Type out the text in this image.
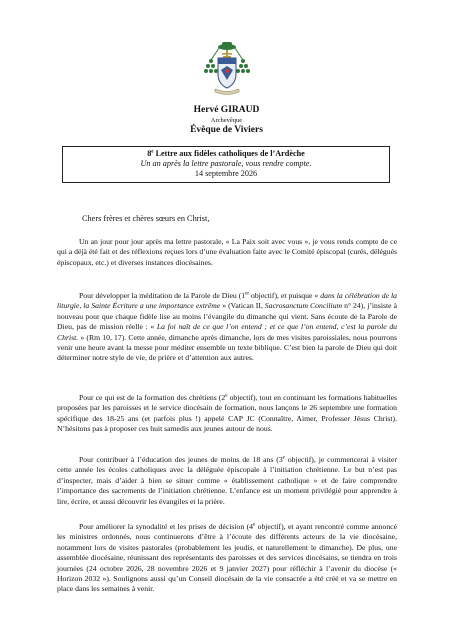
Hervé GIRAUD
Archevêque
Évêque de Viviers
8e Lettre aux fidèles catholiques de l’Ardèche
Un an après la lettre pastorale, vous rendre compte.
14 septembre 2026
Chers frères et chères sœurs en Christ,

Un an jour pour jour après ma lettre pastorale, « La Paix soit avec vous », je vous rends compte de ce qui a déjà été fait et des réflexions reçues lors d’une évaluation faite avec le Comité épiscopal (curés, délégués épiscopaux, etc.) et diverses instances diocésaines.

Pour développer la méditation de la Parole de Dieu (1er objectif), et puisque « dans la célébration de la liturgie, la Sainte Écriture a une importance extrême » (Vatican II, Sacrosanctum Concilium n° 24), j’insiste à nouveau pour que chaque fidèle lise au moins l’évangile du dimanche qui vient. Sans écoute de la Parole de Dieu, pas de mission réelle : « La foi naît de ce que l’on entend ; et ce que l’on entend, c’est la parole du Christ. » (Rm 10, 17). Cette année, dimanche après dimanche, lors de mes visites paroissiales, nous pourrons venir une heure avant la messe pour méditer ensemble un texte biblique. C’est bien la parole de Dieu qui doit déterminer notre style de vie, de prière et d’attention aux autres.

Pour ce qui est de la formation des chrétiens (2e objectif), tout en continuant les formations habituelles proposées par les paroisses et le service diocésain de formation, nous lançons le 26 septembre une formation spécifique des 18-25 ans (et parfois plus !) appelé CAP JC (Connaître, Aimer, Professer Jésus Christ). N’hésitons pas à proposer ces huit samedis aux jeunes autour de nous.

Pour contribuer à l’éducation des jeunes de moins de 18 ans (3e objectif), je commencerai à visiter cette année les écoles catholiques avec la déléguée épiscopale à l’initiation chrétienne. Le but n’est pas d’inspecter, mais d’aider à bien se situer comme « établissement catholique » et de faire comprendre l’importance des sacrements de l’initiation chrétienne. L’enfance est un moment privilégié pour apprendre à lire, écrire, et aussi découvrir les évangiles et la prière.

Pour améliorer la synodalité et les prises de décision (4e objectif), et ayant rencontré comme annoncé les ministres ordonnés, nous continuerons d’être à l’écoute des différents acteurs de la vie diocésaine, notamment lors de visites pastorales (probablement les jeudis, et naturellement le dimanche). De plus, une assemblée diocésaine, réunissant des représentants des paroisses et des services diocésains, se tiendra en trois journées (24 octobre 2026, 28 novembre 2026 et 9 janvier 2027) pour réfléchir à l’avenir du diocèse (« Horizon 2032 »). Soulignons aussi qu’un Conseil diocésain de la vie consacrée a été créé et va se mettre en place dans les semaines à venir.
